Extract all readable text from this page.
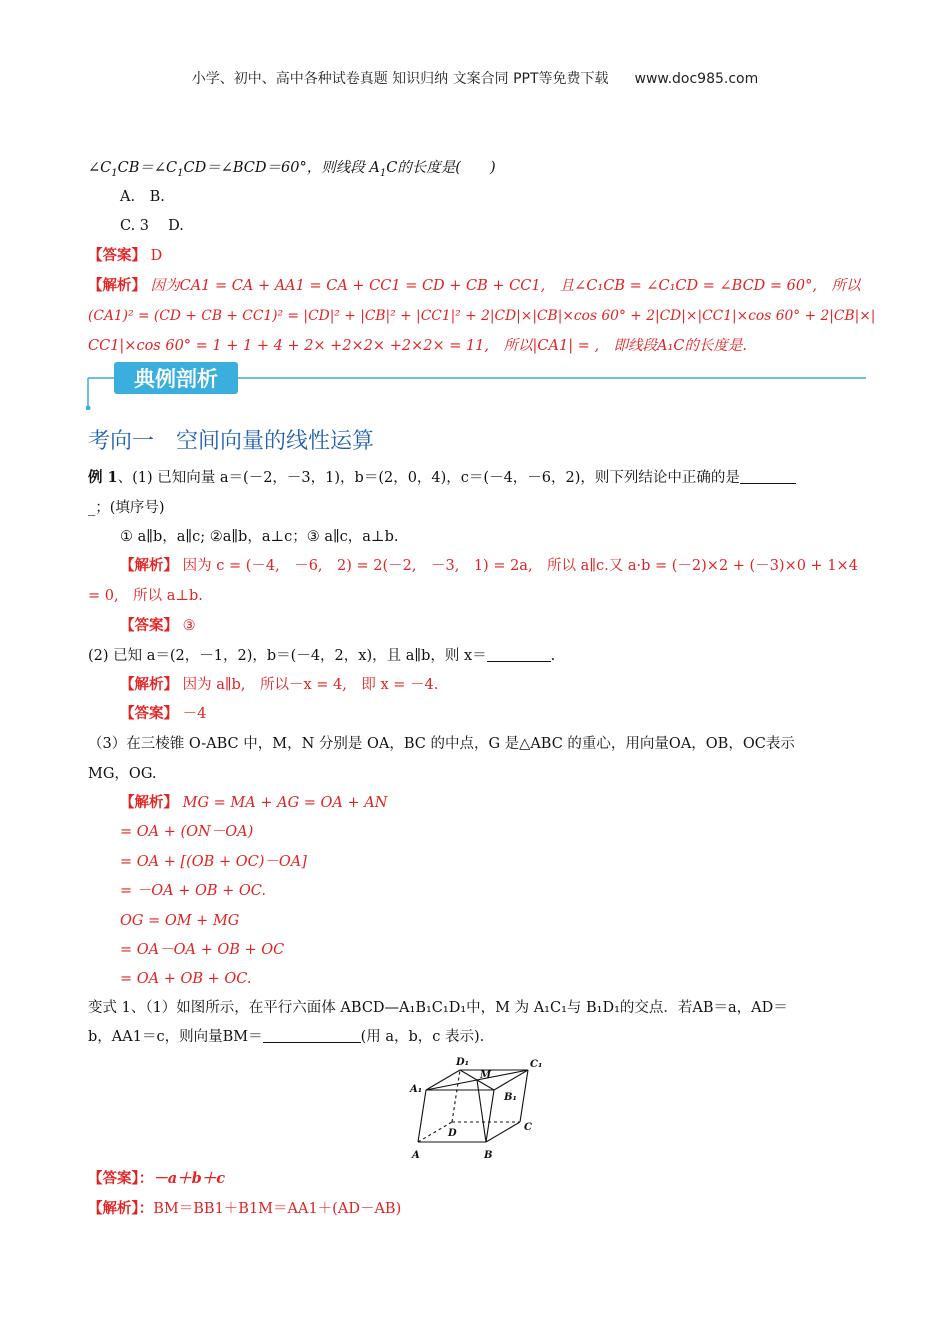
小学、初中、高中各种试卷真题 知识归纳 文案合同 PPT等免费下载 www.doc985.com
$\angle C_1CB=\angle C_1CD=\angle BCD=60^\circ$，则线段 $A_1C$的长度是(　　)
A.　B.
C. 3　 D.
【答案】 D
【解析】 因为CA1 = CA + AA1 = CA + CC1 = CD + CB + CC1,　且∠C₁CB = ∠C₁CD = ∠BCD = 60°,　所以
(CA1)² = (CD + CB + CC1)² = |CD|² + |CB|² + |CC1|² + 2|CD|×|CB|×cos 60° + 2|CD|×|CC1|×cos 60° + 2|CB|×|
CC1|×cos 60° = 1 + 1 + 4 + 2× +2×2× +2×2× = 11,　所以|CA1| = ,　即线段A₁C的长度是.
典例剖析
考向一 空间向量的线性运算
例 1、(1) 已知向量 a＝(－2，－3，1)，b＝(2，0，4)，c＝(－4，－6，2)，则下列结论中正确的是
_；(填序号)
① a∥b，a∥c; ②a∥b，a⊥c；③ a∥c，a⊥b.
【解析】 因为 c = (－4,　－6,　2) = 2(－2,　－3,　1) = 2a,　所以 a∥c.又 a·b = (－2)×2 + (－3)×0 + 1×4
= 0,　所以 a⊥b.
【答案】 ③
(2) 已知 a＝(2，－1，2)，b＝(－4，2，x)，且 a∥b，则 x＝	.
【解析】 因为 a∥b,　所以－x = 4,　即 x = －4.
【答案】 －4
（3）在三棱锥 O-ABC 中，M，N 分别是 OA，BC 的中点，G 是△ABC 的重心，用向量OA，OB，OC表示
MG，OG.
【解析】 MG = MA + AG = OA + AN
= OA + (ON－OA)
= OA + [(OB + OC)－OA]
= －OA + OB + OC.
OG = OM + MG
= OA－OA + OB + OC
= OA + OB + OC.
变式 1、（1）如图所示，在平行六面体 ABCD—A₁B₁C₁D₁中，M 为 A₁C₁与 B₁D₁的交点．若AB＝a，AD＝
b，AA1＝c，则向量BM＝	(用 a，b，c 表示).
A	B
C
D
A₁
B₁
C₁
D₁
M
【答案】：－a＋b＋c
【解析】：BM＝BB1＋B1M＝AA1＋(AD－AB)
